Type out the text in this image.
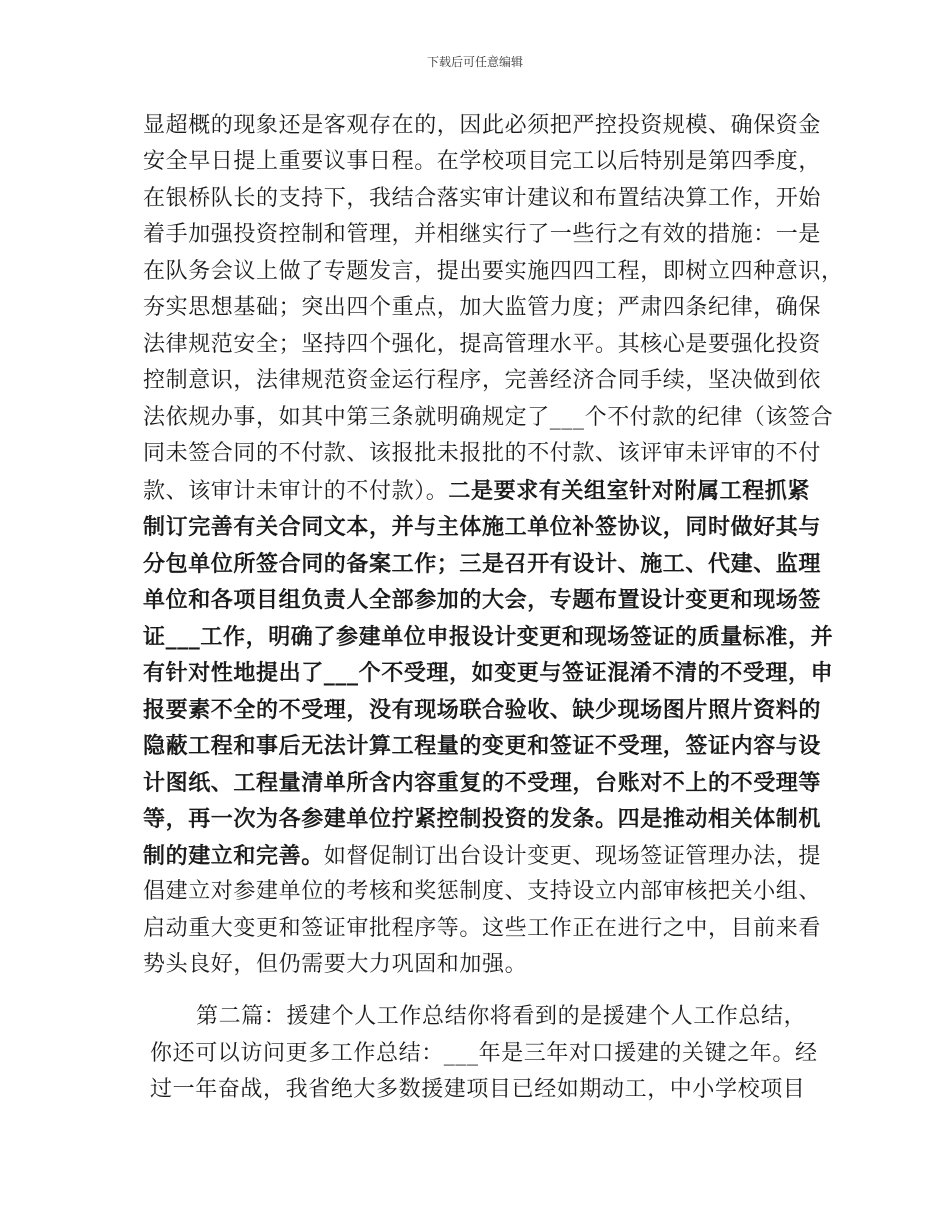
下载后可任意编辑
显超概的现象还是客观存在的，因此必须把严控投资规模、确保资金
安全早日提上重要议事日程。在学校项目完工以后特别是第四季度，
在银桥队长的支持下，我结合落实审计建议和布置结决算工作，开始
着手加强投资控制和管理，并相继实行了一些行之有效的措施：一是
在队务会议上做了专题发言，提出要实施四四工程，即树立四种意识，
夯实思想基础；突出四个重点，加大监管力度；严肃四条纪律，确保
法律规范安全；坚持四个强化，提高管理水平。其核心是要强化投资
控制意识，法律规范资金运行程序，完善经济合同手续，坚决做到依
法依规办事，如其中第三条就明确规定了___个不付款的纪律（该签合
同未签合同的不付款、该报批未报批的不付款、该评审未评审的不付
款、该审计未审计的不付款）。二是要求有关组室针对附属工程抓紧
制订完善有关合同文本，并与主体施工单位补签协议，同时做好其与
分包单位所签合同的备案工作；三是召开有设计、施工、代建、监理
单位和各项目组负责人全部参加的大会，专题布置设计变更和现场签
证___工作，明确了参建单位申报设计变更和现场签证的质量标准，并
有针对性地提出了___个不受理，如变更与签证混淆不清的不受理，申
报要素不全的不受理，没有现场联合验收、缺少现场图片照片资料的
隐蔽工程和事后无法计算工程量的变更和签证不受理，签证内容与设
计图纸、工程量清单所含内容重复的不受理，台账对不上的不受理等
等，再一次为各参建单位拧紧控制投资的发条。四是推动相关体制机
制的建立和完善。如督促制订出台设计变更、现场签证管理办法，提
倡建立对参建单位的考核和奖惩制度、支持设立内部审核把关小组、
启动重大变更和签证审批程序等。这些工作正在进行之中，目前来看
势头良好，但仍需要大力巩固和加强。
第二篇：援建个人工作总结你将看到的是援建个人工作总结，
你还可以访问更多工作总结：___年是三年对口援建的关键之年。经
过一年奋战，我省绝大多数援建项目已经如期动工，中小学校项目
